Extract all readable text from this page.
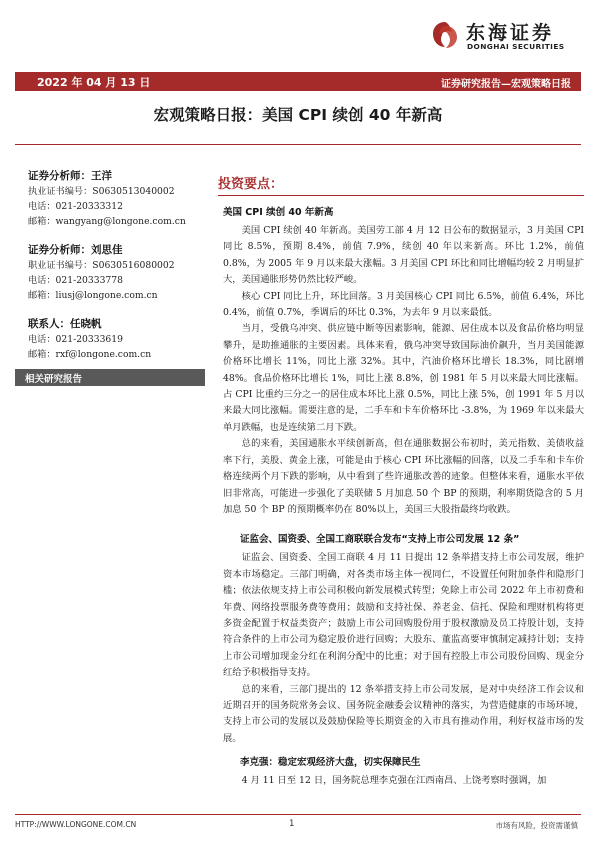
东海证券
DONGHAI SECURITIES
2022 年 04 月 13 日	证券研究报告—宏观策略日报
宏观策略日报：美国 CPI 续创 40 年新高
证券分析师：王洋
执业证书编号：S0630513040002
电话：021-20333312
邮箱：wangyang@longone.com.cn
证券分析师：刘思佳
职业证书编号：S0630516080002
电话：021-20333778
邮箱：liusj@longone.com.cn
联系人：任晓帆
电话：021-20333619
邮箱：rxf@longone.com.cn
相关研究报告
投资要点：
美国 CPI 续创 40 年新高
美国 CPI 续创 40 年新高。美国劳工部 4 月 12 日公布的数据显示，3 月美国 CPI 同比 8.5%，预期 8.4%，前值 7.9%，续创 40 年以来新高。环比 1.2%，前值 0.8%，为 2005 年 9 月以来最大涨幅。3 月美国 CPI 环比和同比增幅均较 2 月明显扩大，美国通胀形势仍然比较严峻。
核心 CPI 同比上升，环比回落。3 月美国核心 CPI 同比 6.5%，前值 6.4%，环比 0.4%，前值 0.7%，季调后的环比 0.3%，为去年 9 月以来最低。
当月，受俄乌冲突、供应链中断等因素影响，能源、居住成本以及食品价格均明显攀升，是助推通胀的主要因素。具体来看，俄乌冲突导致国际油价飙升，当月美国能源价格环比增长 11%，同比上涨 32%。其中，汽油价格环比增长 18.3%，同比剧增 48%。食品价格环比增长 1%，同比上涨 8.8%，创 1981 年 5 月以来最大同比涨幅。占 CPI 比重约三分之一的居住成本环比上涨 0.5%，同比上涨 5%，创 1991 年 5 月以来最大同比涨幅。需要注意的是，二手车和卡车价格环比 -3.8%，为 1969 年以来最大单月跌幅，也是连续第二月下跌。
总的来看，美国通胀水平续创新高，但在通胀数据公布初时，美元指数、美债收益率下行，美股、黄金上涨，可能是由于核心 CPI 环比涨幅的回落，以及二手车和卡车价格连续两个月下跌的影响，从中看到了些许通胀改善的迹象。但整体来看，通胀水平依旧非常高，可能进一步强化了美联储 5 月加息 50 个 BP 的预期，利率期货隐含的 5 月加息 50 个 BP 的预期概率仍在 80%以上，美国三大股指最终均收跌。
证监会、国资委、全国工商联联合发布“支持上市公司发展 12 条”
证监会、国资委、全国工商联 4 月 11 日提出 12 条举措支持上市公司发展，维护资本市场稳定。三部门明确，对各类市场主体一视同仁，不设置任何附加条件和隐形门槛；依法依规支持上市公司积极向新发展模式转型；免除上市公司 2022 年上市初费和年费、网络投票服务费等费用；鼓励和支持社保、养老金、信托、保险和理财机构将更多资金配置于权益类资产；鼓励上市公司回购股份用于股权激励及员工持股计划，支持符合条件的上市公司为稳定股价进行回购；大股东、董监高要审慎制定减持计划；支持上市公司增加现金分红在利润分配中的比重；对于国有控股上市公司股份回购、现金分红给予积极指导支持。
总的来看，三部门提出的 12 条举措支持上市公司发展，是对中央经济工作会议和近期召开的国务院常务会议、国务院金融委会议精神的落实，为营造健康的市场环境，支持上市公司的发展以及鼓励保险等长期资金的入市具有推动作用，利好权益市场的发展。
李克强：稳定宏观经济大盘，切实保障民生
4 月 11 日至 12 日，国务院总理李克强在江西南昌、上饶考察时强调，加
HTTP://WWW.LONGONE.COM.CN	1	市场有风险，投资需谨慎
